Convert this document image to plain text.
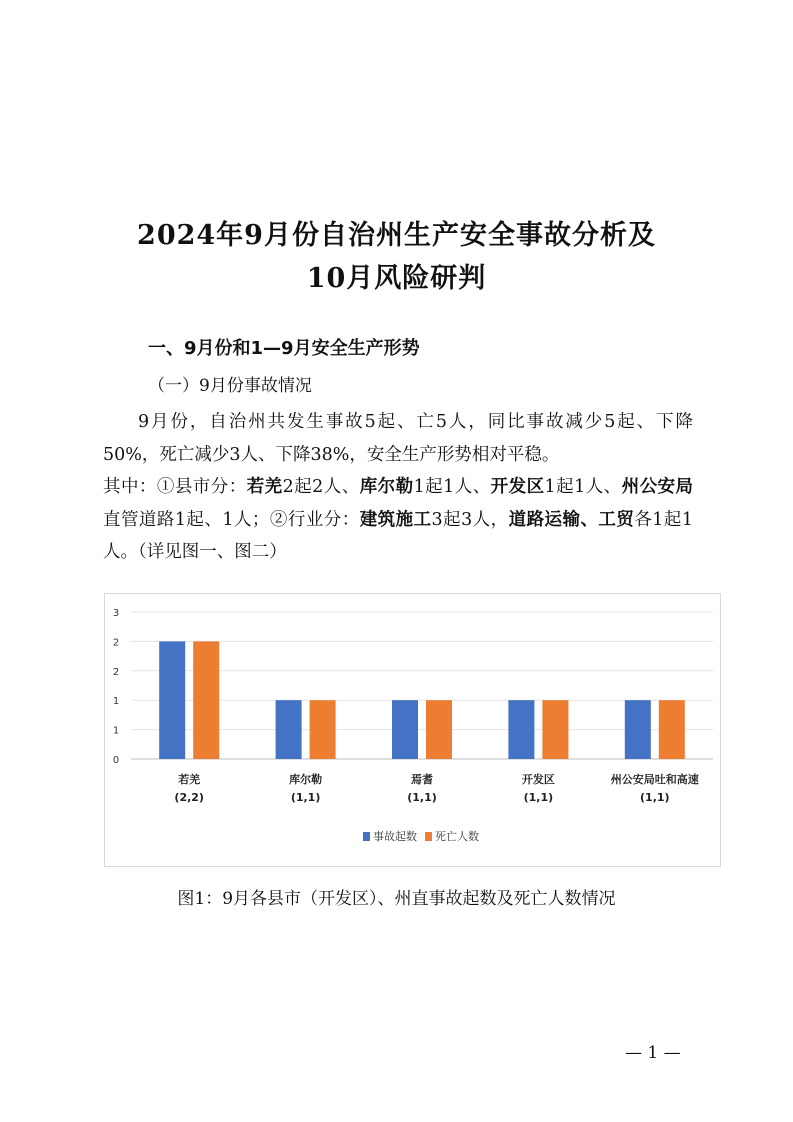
2024年9月份自治州生产安全事故分析及
10月风险研判
一、9月份和1—9月安全生产形势
（一）9月份事故情况

9月份，自治州共发生事故5起、亡5人，同比事故减少5起、下降50%，死亡减少3人、下降38%，安全生产形势相对平稳。

其中：①县市分：若羌2起2人、库尔勒1起1人、开发区1起1人、州公安局直管道路1起、1人；②行业分：建筑施工3起3人，道路运输、工贸各1起1人。（详见图一、图二）

0
1
1
2
2
3
若羌
(2,2)
库尔勒
(1,1)
焉耆
(1,1)
开发区
(1,1)
州公安局吐和高速
(1,1)
事故起数 死亡人数
图1：9月各县市（开发区）、州直事故起数及死亡人数情况
— 1 —
